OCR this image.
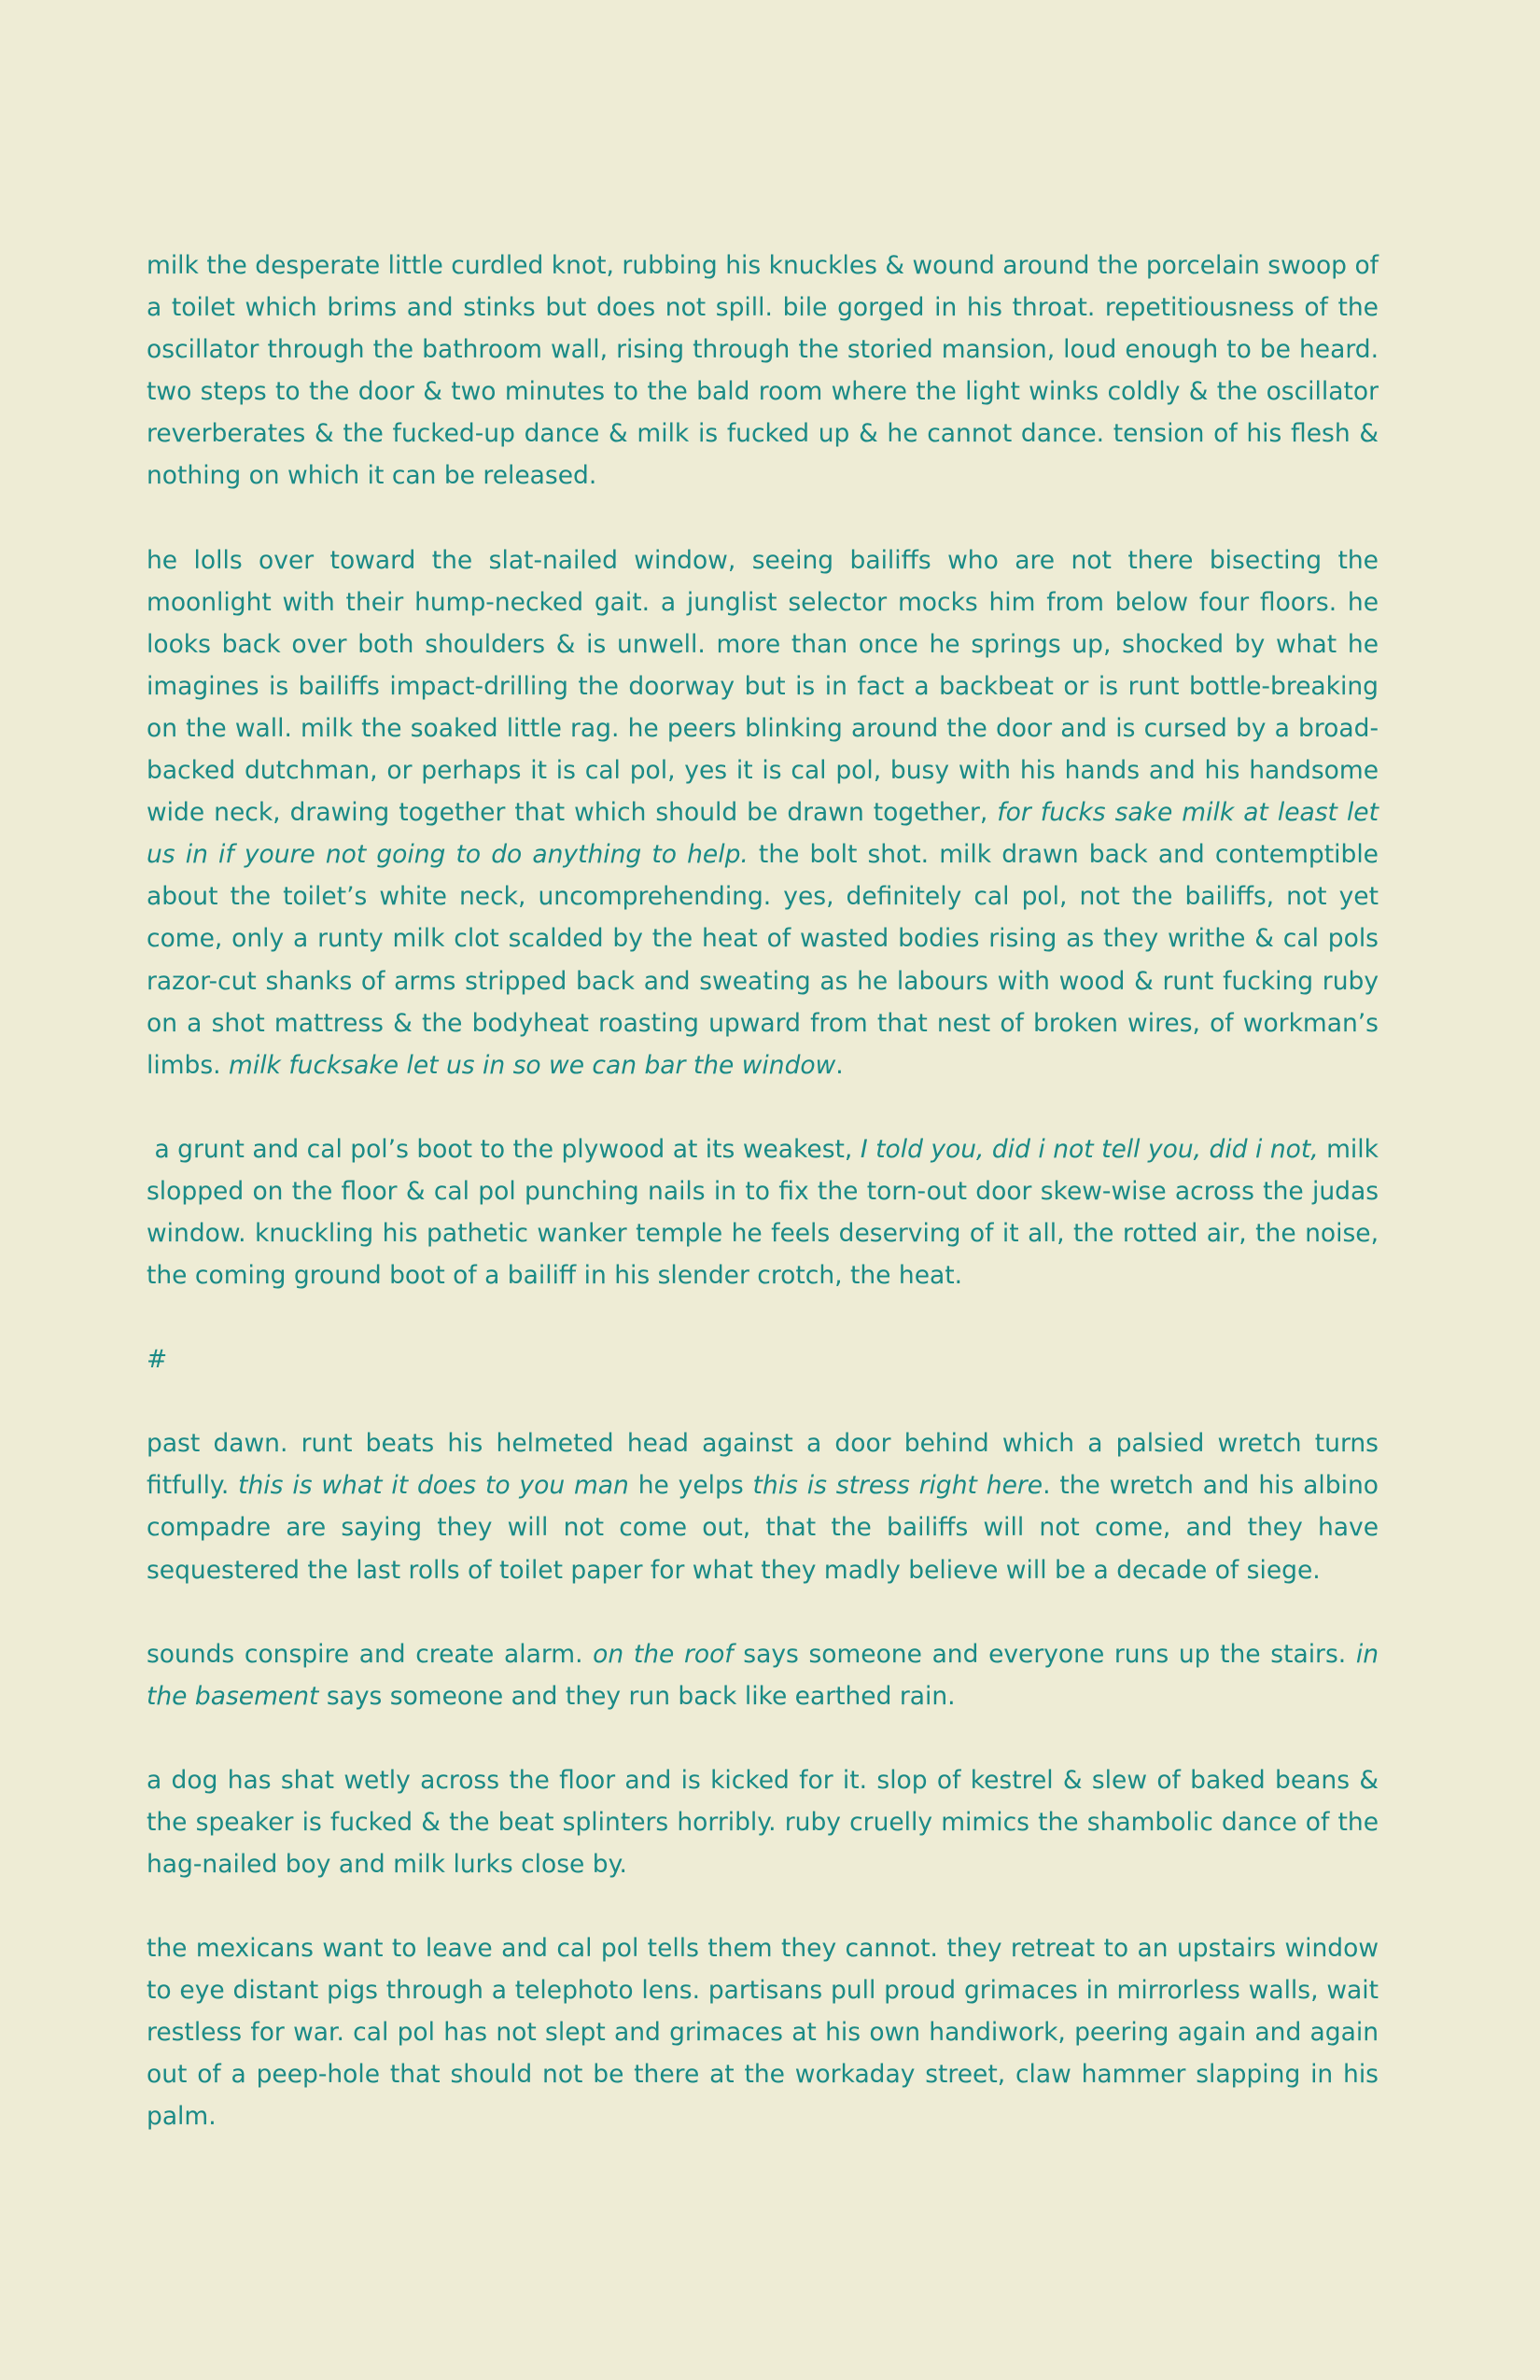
milk the desperate little curdled knot, rubbing his knuckles & wound around the porcelain swoop of a toilet which brims and stinks but does not spill. bile gorged in his throat. repetitiousness of the oscillator through the bathroom wall, rising through the storied mansion, loud enough to be heard. two steps to the door & two minutes to the bald room where the light winks coldly & the oscillator reverberates & the fucked-up dance & milk is fucked up & he cannot dance. tension of his flesh & nothing on which it can be released.

he lolls over toward the slat-nailed window, seeing bailiffs who are not there bisecting the moonlight with their hump-necked gait. a junglist selector mocks him from below four floors. he looks back over both shoulders & is unwell. more than once he springs up, shocked by what he imagines is bailiffs impact-drilling the doorway but is in fact a backbeat or is runt bottle-breaking on the wall. milk the soaked little rag. he peers blinking around the door and is cursed by a broad-backed dutchman, or perhaps it is cal pol, yes it is cal pol, busy with his hands and his handsome wide neck, drawing together that which should be drawn together, for fucks sake milk at least let us in if youre not going to do anything to help. the bolt shot. milk drawn back and contemptible about the toilet’s white neck, uncomprehending. yes, definitely cal pol, not the bailiffs, not yet come, only a runty milk clot scalded by the heat of wasted bodies rising as they writhe & cal pols razor-cut shanks of arms stripped back and sweating as he labours with wood & runt fucking ruby on a shot mattress & the bodyheat roasting upward from that nest of broken wires, of workman’s limbs. milk fucksake let us in so we can bar the window.

a grunt and cal pol’s boot to the plywood at its weakest, I told you, did i not tell you, did i not, milk slopped on the floor & cal pol punching nails in to fix the torn-out door skew-wise across the judas window. knuckling his pathetic wanker temple he feels deserving of it all, the rotted air, the noise, the coming ground boot of a bailiff in his slender crotch, the heat.

#

past dawn. runt beats his helmeted head against a door behind which a palsied wretch turns fitfully. this is what it does to you man he yelps this is stress right here. the wretch and his albino compadre are saying they will not come out, that the bailiffs will not come, and they have sequestered the last rolls of toilet paper for what they madly believe will be a decade of siege.

sounds conspire and create alarm. on the roof says someone and everyone runs up the stairs. in the basement says someone and they run back like earthed rain.

a dog has shat wetly across the floor and is kicked for it. slop of kestrel & slew of baked beans & the speaker is fucked & the beat splinters horribly. ruby cruelly mimics the shambolic dance of the hag-nailed boy and milk lurks close by.

the mexicans want to leave and cal pol tells them they cannot. they retreat to an upstairs window to eye distant pigs through a telephoto lens. partisans pull proud grimaces in mirrorless walls, wait restless for war. cal pol has not slept and grimaces at his own handiwork, peering again and again out of a peep-hole that should not be there at the workaday street, claw hammer slapping in his palm.
